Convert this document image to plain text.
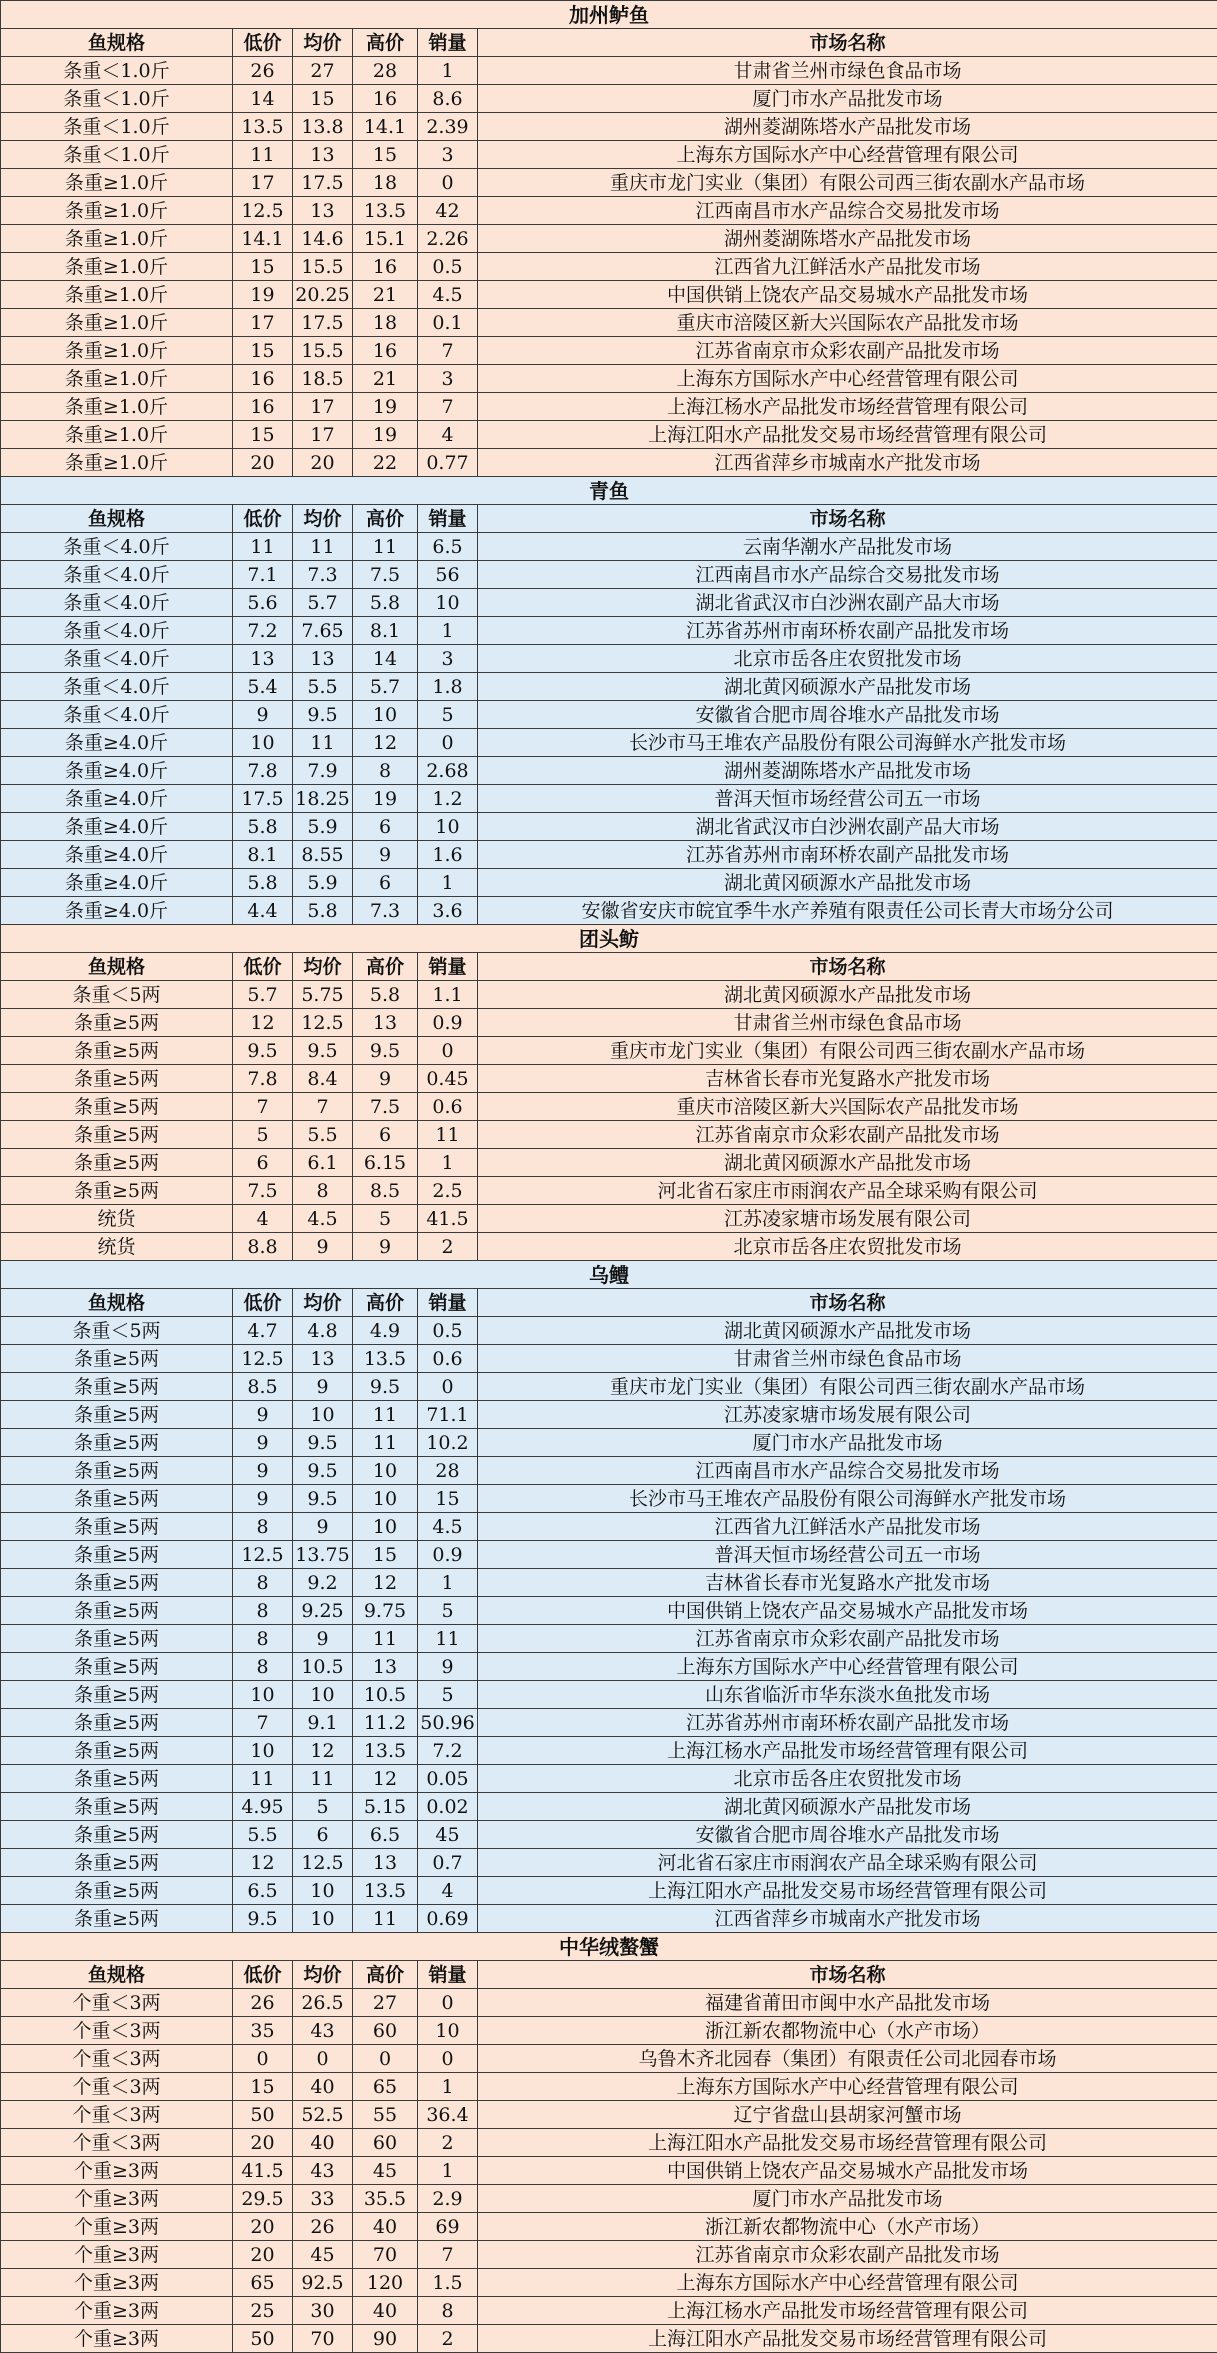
加州鲈鱼					
鱼规格	低价	均价	高价	销量	市场名称
条重＜1.0斤	26	27	28	1	甘肃省兰州市绿色食品市场
条重＜1.0斤	14	15	16	8.6	厦门市水产品批发市场
条重＜1.0斤	13.5	13.8	14.1	2.39	湖州菱湖陈塔水产品批发市场
条重＜1.0斤	11	13	15	3	上海东方国际水产中心经营管理有限公司
条重≥1.0斤	17	17.5	18	0	重庆市龙门实业（集团）有限公司西三街农副水产品市场
条重≥1.0斤	12.5	13	13.5	42	江西南昌市水产品综合交易批发市场
条重≥1.0斤	14.1	14.6	15.1	2.26	湖州菱湖陈塔水产品批发市场
条重≥1.0斤	15	15.5	16	0.5	江西省九江鲜活水产品批发市场
条重≥1.0斤	19	20.25	21	4.5	中国供销上饶农产品交易城水产品批发市场
条重≥1.0斤	17	17.5	18	0.1	重庆市涪陵区新大兴国际农产品批发市场
条重≥1.0斤	15	15.5	16	7	江苏省南京市众彩农副产品批发市场
条重≥1.0斤	16	18.5	21	3	上海东方国际水产中心经营管理有限公司
条重≥1.0斤	16	17	19	7	上海江杨水产品批发市场经营管理有限公司
条重≥1.0斤	15	17	19	4	上海江阳水产品批发交易市场经营管理有限公司
条重≥1.0斤	20	20	22	0.77	江西省萍乡市城南水产批发市场
青鱼					
鱼规格	低价	均价	高价	销量	市场名称
条重＜4.0斤	11	11	11	6.5	云南华潮水产品批发市场
条重＜4.0斤	7.1	7.3	7.5	56	江西南昌市水产品综合交易批发市场
条重＜4.0斤	5.6	5.7	5.8	10	湖北省武汉市白沙洲农副产品大市场
条重＜4.0斤	7.2	7.65	8.1	1	江苏省苏州市南环桥农副产品批发市场
条重＜4.0斤	13	13	14	3	北京市岳各庄农贸批发市场
条重＜4.0斤	5.4	5.5	5.7	1.8	湖北黄冈硕源水产品批发市场
条重＜4.0斤	9	9.5	10	5	安徽省合肥市周谷堆水产品批发市场
条重≥4.0斤	10	11	12	0	长沙市马王堆农产品股份有限公司海鲜水产批发市场
条重≥4.0斤	7.8	7.9	8	2.68	湖州菱湖陈塔水产品批发市场
条重≥4.0斤	17.5	18.25	19	1.2	普洱天恒市场经营公司五一市场
条重≥4.0斤	5.8	5.9	6	10	湖北省武汉市白沙洲农副产品大市场
条重≥4.0斤	8.1	8.55	9	1.6	江苏省苏州市南环桥农副产品批发市场
条重≥4.0斤	5.8	5.9	6	1	湖北黄冈硕源水产品批发市场
条重≥4.0斤	4.4	5.8	7.3	3.6	安徽省安庆市皖宜季牛水产养殖有限责任公司长青大市场分公司
团头鲂					
鱼规格	低价	均价	高价	销量	市场名称
条重＜5两	5.7	5.75	5.8	1.1	湖北黄冈硕源水产品批发市场
条重≥5两	12	12.5	13	0.9	甘肃省兰州市绿色食品市场
条重≥5两	9.5	9.5	9.5	0	重庆市龙门实业（集团）有限公司西三街农副水产品市场
条重≥5两	7.8	8.4	9	0.45	吉林省长春市光复路水产批发市场
条重≥5两	7	7	7.5	0.6	重庆市涪陵区新大兴国际农产品批发市场
条重≥5两	5	5.5	6	11	江苏省南京市众彩农副产品批发市场
条重≥5两	6	6.1	6.15	1	湖北黄冈硕源水产品批发市场
条重≥5两	7.5	8	8.5	2.5	河北省石家庄市雨润农产品全球采购有限公司
统货	4	4.5	5	41.5	江苏凌家塘市场发展有限公司
统货	8.8	9	9	2	北京市岳各庄农贸批发市场
乌鳢					
鱼规格	低价	均价	高价	销量	市场名称
条重＜5两	4.7	4.8	4.9	0.5	湖北黄冈硕源水产品批发市场
条重≥5两	12.5	13	13.5	0.6	甘肃省兰州市绿色食品市场
条重≥5两	8.5	9	9.5	0	重庆市龙门实业（集团）有限公司西三街农副水产品市场
条重≥5两	9	10	11	71.1	江苏凌家塘市场发展有限公司
条重≥5两	9	9.5	11	10.2	厦门市水产品批发市场
条重≥5两	9	9.5	10	28	江西南昌市水产品综合交易批发市场
条重≥5两	9	9.5	10	15	长沙市马王堆农产品股份有限公司海鲜水产批发市场
条重≥5两	8	9	10	4.5	江西省九江鲜活水产品批发市场
条重≥5两	12.5	13.75	15	0.9	普洱天恒市场经营公司五一市场
条重≥5两	8	9.2	12	1	吉林省长春市光复路水产批发市场
条重≥5两	8	9.25	9.75	5	中国供销上饶农产品交易城水产品批发市场
条重≥5两	8	9	11	11	江苏省南京市众彩农副产品批发市场
条重≥5两	8	10.5	13	9	上海东方国际水产中心经营管理有限公司
条重≥5两	10	10	10.5	5	山东省临沂市华东淡水鱼批发市场
条重≥5两	7	9.1	11.2	50.96	江苏省苏州市南环桥农副产品批发市场
条重≥5两	10	12	13.5	7.2	上海江杨水产品批发市场经营管理有限公司
条重≥5两	11	11	12	0.05	北京市岳各庄农贸批发市场
条重≥5两	4.95	5	5.15	0.02	湖北黄冈硕源水产品批发市场
条重≥5两	5.5	6	6.5	45	安徽省合肥市周谷堆水产品批发市场
条重≥5两	12	12.5	13	0.7	河北省石家庄市雨润农产品全球采购有限公司
条重≥5两	6.5	10	13.5	4	上海江阳水产品批发交易市场经营管理有限公司
条重≥5两	9.5	10	11	0.69	江西省萍乡市城南水产批发市场
中华绒螯蟹					
鱼规格	低价	均价	高价	销量	市场名称
个重＜3两	26	26.5	27	0	福建省莆田市闽中水产品批发市场
个重＜3两	35	43	60	10	浙江新农都物流中心（水产市场）
个重＜3两	0	0	0	0	乌鲁木齐北园春（集团）有限责任公司北园春市场
个重＜3两	15	40	65	1	上海东方国际水产中心经营管理有限公司
个重＜3两	50	52.5	55	36.4	辽宁省盘山县胡家河蟹市场
个重＜3两	20	40	60	2	上海江阳水产品批发交易市场经营管理有限公司
个重≥3两	41.5	43	45	1	中国供销上饶农产品交易城水产品批发市场
个重≥3两	29.5	33	35.5	2.9	厦门市水产品批发市场
个重≥3两	20	26	40	69	浙江新农都物流中心（水产市场）
个重≥3两	20	45	70	7	江苏省南京市众彩农副产品批发市场
个重≥3两	65	92.5	120	1.5	上海东方国际水产中心经营管理有限公司
个重≥3两	25	30	40	8	上海江杨水产品批发市场经营管理有限公司
个重≥3两	50	70	90	2	上海江阳水产品批发交易市场经营管理有限公司
